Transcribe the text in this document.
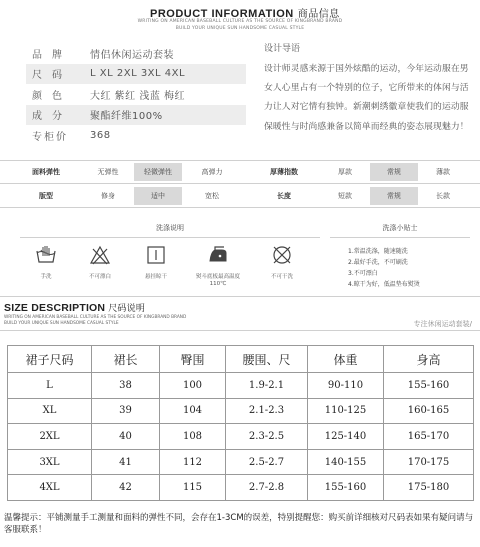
PRODUCT INFORMATION 商品信息
WRITING ON AMERICAN BASEBALL CULTURE AS THE SOURCE OF KINGBRAND BRAND
BUILD YOUR UNIQUE SUN HANDSOME CASUAL STYLE
品牌	情侣休闲运动套装
尺码	L XL 2XL 3XL 4XL
颜色	大红 紫红 浅蓝 梅红
成分	聚酯纤维100%
专柜价	368
设计导语
设计师灵感来源于国外炫酷的运动，今年运动服在男女人心里占有一个特别的位子，它所带来的体闲与活力让人对它情有独钟。新潮刺绣徽章使我们的运动服保暖性与时尚感兼备以简单而经典的姿态展现魅力！
面料弹性	无弹性	轻微弹性	高弹力	厚薄指数	厚款	常规	薄款
版型	修身	适中	宽松	长度	短款	常规	长款
洗涤说明	洗涤小贴士
手洗	不可漂白	悬挂晾干	熨斗底板最高温度110℃
不可干洗
1.常温洗涤，随速随洗
2.最好手洗，不可刷洗
3.不可漂白
4.晾干为好，低温垫布熨烫
SIZE DESCRIPTION 尺码说明
WRITING ON AMERICAN BASEBALL CULTURE AS THE SOURCE OF KINGBRAND BRAND
BUILD YOUR UNIQUE SUN HANDSOME CASUAL STYLE	专注休闲运动套装/
裙子尺码	裙长	臀围	腰围、尺	体重	身高
L	38	100	1.9-2.1	90-110	155-160
XL	39	104	2.1-2.3	110-125	160-165
2XL	40	108	2.3-2.5	125-140	165-170
3XL	41	112	2.5-2.7	140-155	170-175
4XL	42	115	2.7-2.8	155-160	175-180
温馨提示：平铺测量手工测量和面料的弹性不同，会存在1-3CM的误差，特别提醒您：购买前详细核对尺码表如果有疑问请与客服联系！
